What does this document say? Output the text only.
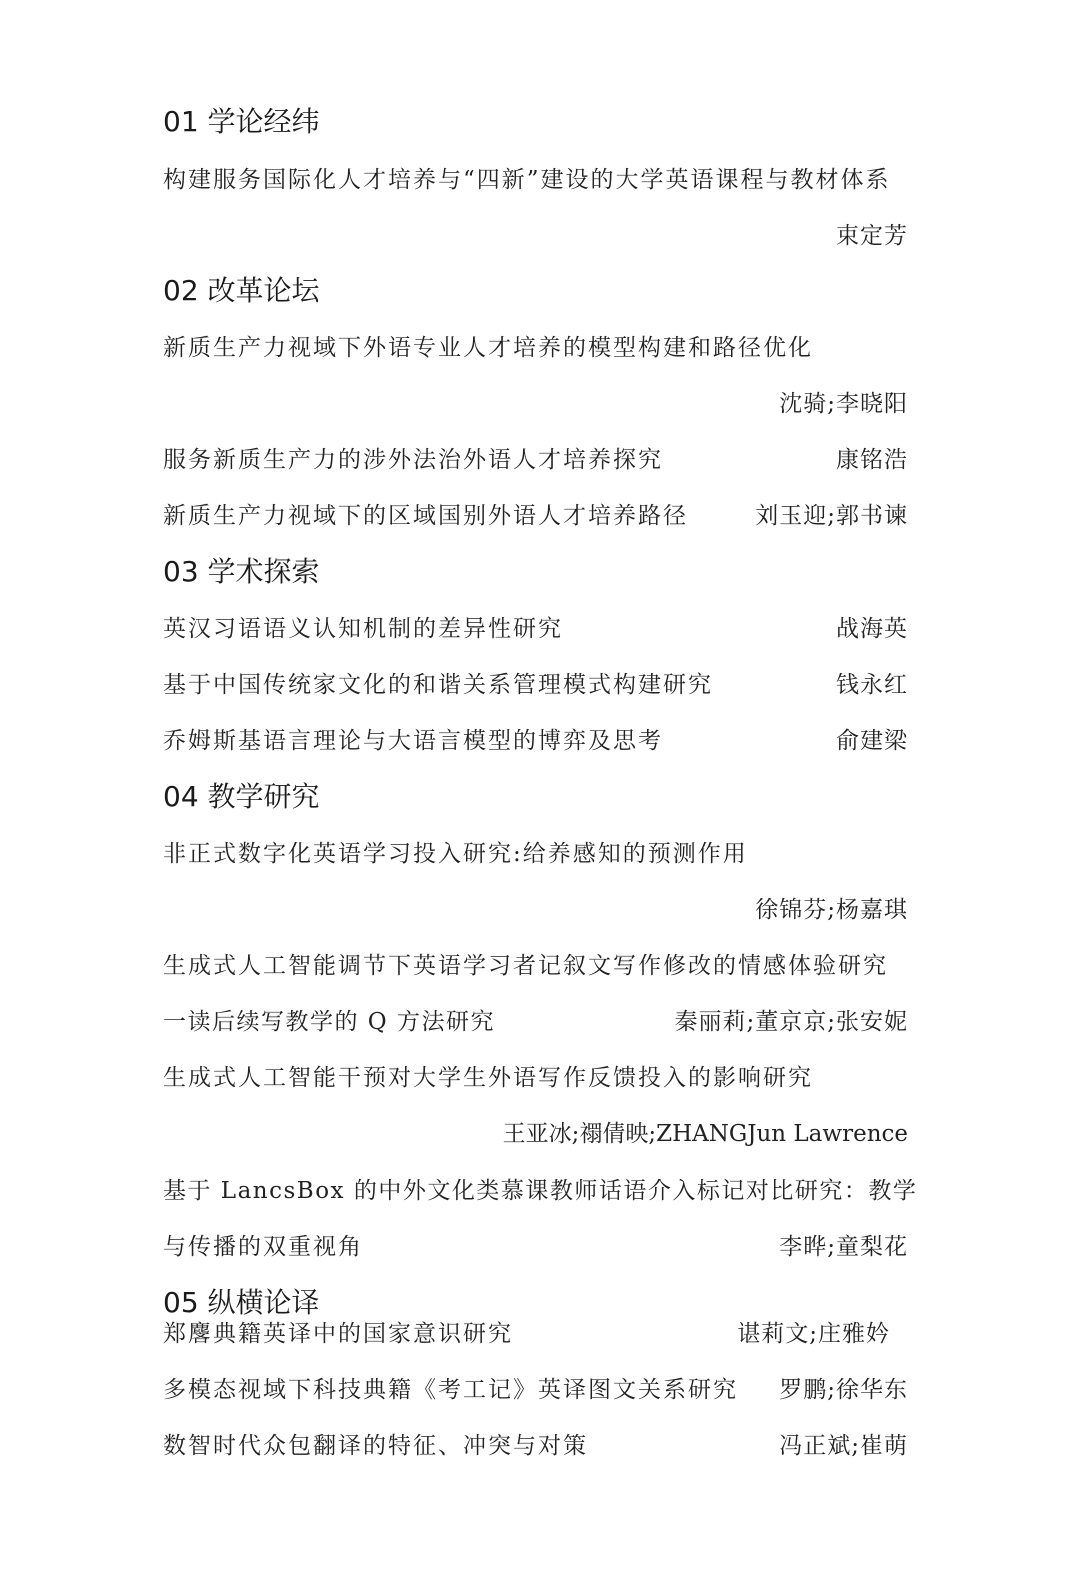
01 学论经纬
构建服务国际化人才培养与“四新”建设的大学英语课程与教材体系
束定芳
02 改革论坛
新质生产力视域下外语专业人才培养的模型构建和路径优化
沈骑;李晓阳
服务新质生产力的涉外法治外语人才培养探究	康铭浩
新质生产力视域下的区域国别外语人才培养路径	刘玉迎;郭书谏
03 学术探索
英汉习语语义认知机制的差异性研究	战海英
基于中国传统家文化的和谐关系管理模式构建研究	钱永红
乔姆斯基语言理论与大语言模型的博弈及思考	俞建梁
04 教学研究
非正式数字化英语学习投入研究:给养感知的预测作用
徐锦芬;杨嘉琪
生成式人工智能调节下英语学习者记叙文写作修改的情感体验研究
一读后续写教学的 Q 方法研究	秦丽莉;董京京;张安妮
生成式人工智能干预对大学生外语写作反馈投入的影响研究
王亚冰;禤倩映;ZHANGJun Lawrence
基于 LancsBox 的中外文化类慕课教师话语介入标记对比研究：教学
与传播的双重视角	李晔;童梨花
05 纵横论译
郑麐典籍英译中的国家意识研究	谌莉文;庄雅妗
多模态视域下科技典籍《考工记》英译图文关系研究 罗鹏;徐华东
数智时代众包翻译的特征、冲突与对策	冯正斌;崔萌
